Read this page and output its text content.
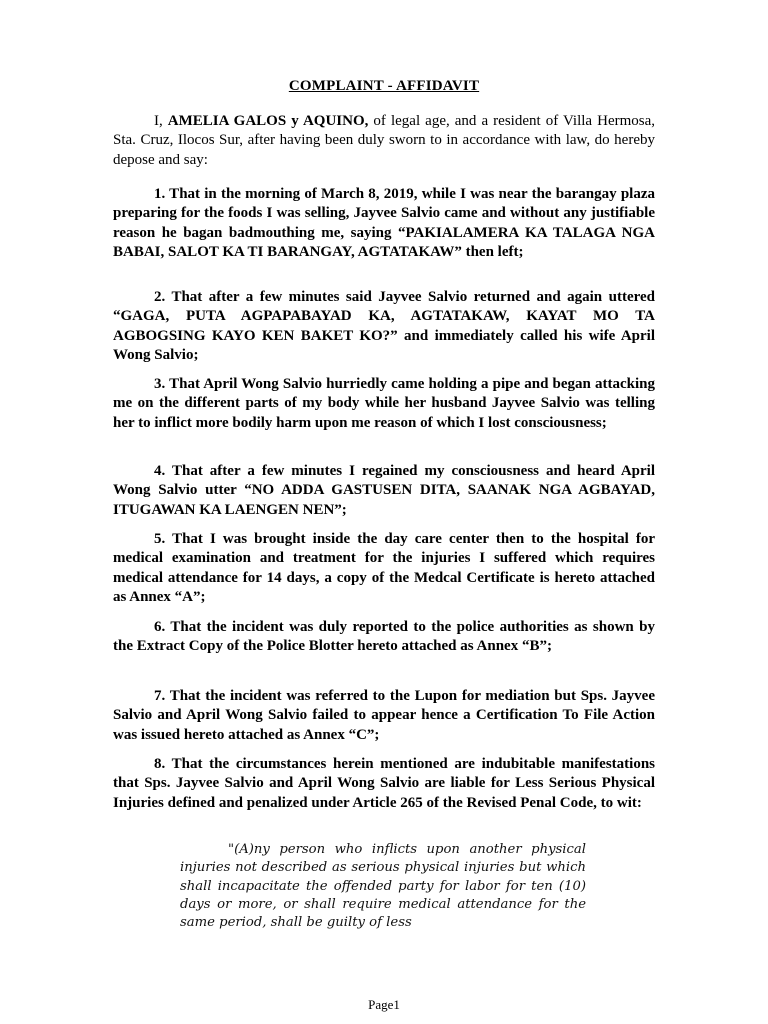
COMPLAINT - AFFIDAVIT

I, AMELIA GALOS y AQUINO, of legal age, and a resident of Villa Hermosa, Sta. Cruz, Ilocos Sur, after having been duly sworn to in accordance with law, do hereby depose and say:

1. That in the morning of March 8, 2019, while I was near the barangay plaza preparing for the foods I was selling, Jayvee Salvio came and without any justifiable reason he bagan badmouthing me, saying “PAKIALAMERA KA TALAGA NGA BABAI, SALOT KA TI BARANGAY, AGTATAKAW” then left;

2. That after a few minutes said Jayvee Salvio returned and again uttered “GAGA, PUTA AGPAPABAYAD KA, AGTATAKAW, KAYAT MO TA AGBOGSING KAYO KEN BAKET KO?” and immediately called his wife April Wong Salvio;

3. That April Wong Salvio hurriedly came holding a pipe and began attacking me on the different parts of my body while her husband Jayvee Salvio was telling her to inflict more bodily harm upon me reason of which I lost consciousness;

4. That after a few minutes I regained my consciousness and heard April Wong Salvio utter “NO ADDA GASTUSEN DITA, SAANAK NGA AGBAYAD, ITUGAWAN KA LAENGEN NEN”;

5. That I was brought inside the day care center then to the hospital for medical examination and treatment for the injuries I suffered which requires medical attendance for 14 days, a copy of the Medcal Certificate is hereto attached as Annex “A”;

6. That the incident was duly reported to the police authorities as shown by the Extract Copy of the Police Blotter hereto attached as Annex “B”;

7. That the incident was referred to the Lupon for mediation but Sps. Jayvee Salvio and April Wong Salvio failed to appear hence a Certification To File Action was issued hereto attached as Annex “C”;

8. That the circumstances herein mentioned are indubitable manifestations that Sps. Jayvee Salvio and April Wong Salvio are liable for Less Serious Physical Injuries defined and penalized under Article 265 of the Revised Penal Code, to wit:

"(A)ny person who inflicts upon another physical injuries not described as serious physical injuries but which shall incapacitate the offended party for labor for ten (10) days or more, or shall require medical attendance for the same period, shall be guilty of less

Page1
